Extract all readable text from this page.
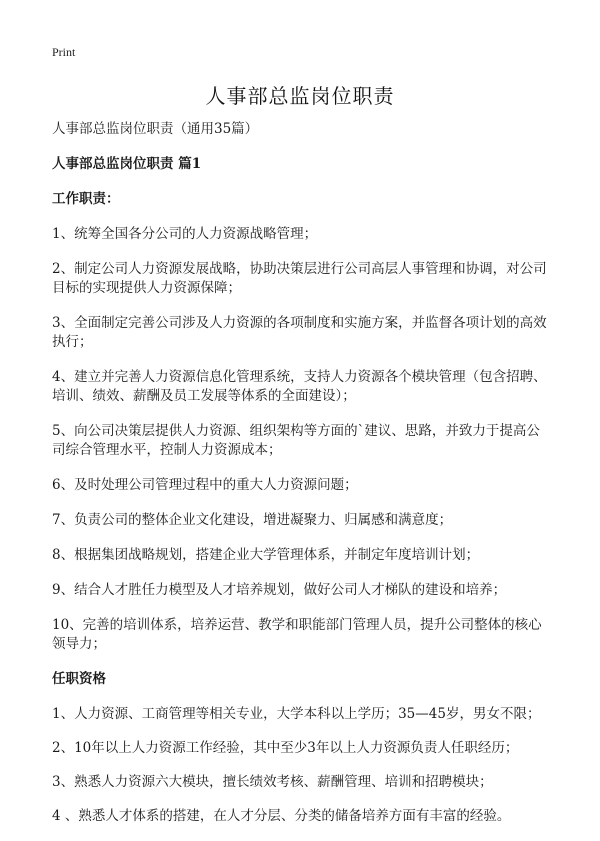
Print
人事部总监岗位职责

人事部总监岗位职责（通用35篇）

人事部总监岗位职责 篇1

工作职责：

1、统筹全国各分公司的人力资源战略管理；
2、制定公司人力资源发展战略，协助决策层进行公司高层人事管理和协调，对公司目标的实现提供人力资源保障；
3、全面制定完善公司涉及人力资源的各项制度和实施方案，并监督各项计划的高效执行；
4、建立并完善人力资源信息化管理系统，支持人力资源各个模块管理（包含招聘、培训、绩效、薪酬及员工发展等体系的全面建设）；
5、向公司决策层提供人力资源、组织架构等方面的`建议、思路，并致力于提高公司综合管理水平，控制人力资源成本；
6、及时处理公司管理过程中的重大人力资源问题；
7、负责公司的整体企业文化建设，增进凝聚力、归属感和满意度；
8、根据集团战略规划，搭建企业大学管理体系，并制定年度培训计划；
9、结合人才胜任力模型及人才培养规划，做好公司人才梯队的建设和培养；
10、完善的培训体系，培养运营、教学和职能部门管理人员，提升公司整体的核心领导力；

任职资格

1、人力资源、工商管理等相关专业，大学本科以上学历；35—45岁，男女不限；
2、10年以上人力资源工作经验，其中至少3年以上人力资源负责人任职经历；
3、熟悉人力资源六大模块，擅长绩效考核、薪酬管理、培训和招聘模块；
4 、熟悉人才体系的搭建，在人才分层、分类的储备培养方面有丰富的经验。
